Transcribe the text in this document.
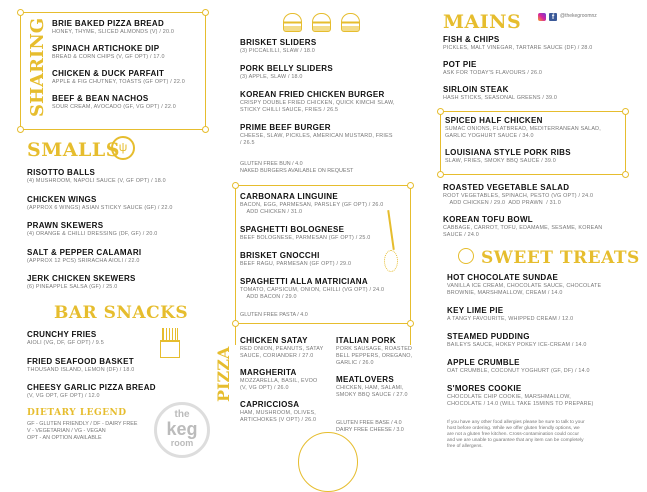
the
keg
room
SHARING BRIE BAKED PIZZA BREAD
HONEY, THYME, SLICED ALMONDS (V) / 20.0
SPINACH ARTICHOKE DIP
BREAD & CORN CHIPS (V, GF OPT) / 17.0
CHICKEN & DUCK PARFAIT
APPLE & FIG CHUTNEY, TOASTS (GF OPT) / 22.0
BEEF & BEAN NACHOS
SOUR CREAM, AVOCADO (GF, VG OPT) / 22.0
SMALLS
ψ
RISOTTO BALLS
(4) MUSHROOM, NAPOLI SAUCE (V, GF OPT) / 18.0
CHICKEN WINGS
(APPROX 6 WINGS) ASIAN STICKY SAUCE (GF) / 22.0
PRAWN SKEWERS
(4) ORANGE & CHILLI DRESSING (DF, GF) / 20.0
SALT & PEPPER CALAMARI
(APPROX 12 PCS) SRIRACHA AIOLI / 22.0
JERK CHICKEN SKEWERS
(6) PINEAPPLE SALSA (GF) / 25.0
BAR SNACKS
CRUNCHY FRIES
AIOLI (VG, DF, GF OPT) / 9.5
FRIED SEAFOOD BASKET
THOUSAND ISLAND, LEMON (DF) / 18.0
CHEESY GARLIC PIZZA BREAD
(V, VG OPT, GF OPT) / 12.0
DIETARY LEGEND
GF - GLUTEN FRIENDLY / DF - DAIRY FREE
V - VEGETARIAN / VG - VEGAN
OPT - AN OPTION AVAILABLE
BRISKET SLIDERS
(3) PICCALILLI, SLAW / 18.0
PORK BELLY SLIDERS
(3) APPLE, SLAW / 18.0
KOREAN FRIED CHICKEN BURGER
CRISPY DOUBLE FRIED CHICKEN, QUICK KIMCHI SLAW,
STICKY CHILLI SAUCE, FRIES / 26.5
PRIME BEEF BURGER
CHEESE, SLAW, PICKLES, AMERICAN MUSTARD, FRIES
/ 26.5
GLUTEN FREE BUN / 4.0
NAKED BURGERS AVAILABLE ON REQUEST
CARBONARA LINGUINE
BACON, EGG, PARMESAN, PARSLEY (GF OPT) / 26.0
ADD CHICKEN / 31.0
SPAGHETTI BOLOGNESE
BEEF BOLOGNESE, PARMESAN (GF OPT) / 25.0
BRISKET GNOCCHI
BEEF RAGU, PARMESAN (GF OPT) / 29.0
SPAGHETTI ALLA MATRICIANA
TOMATO, CAPSICUM, ONION, CHILLI (VG OPT) / 24.0
ADD BACON / 29.0
GLUTEN FREE PASTA / 4.0
PIZZA
CHICKEN SATAY
RED ONION, PEANUTS, SATAY
SAUCE, CORIANDER / 27.0
MARGHERITA
MOZZARELLA, BASIL, EVOO
(V, VG OPT) / 26.0
CAPRICCIOSA
HAM, MUSHROOM, OLIVES,
ARTICHOKES (V OPT) / 26.0
ITALIAN PORK
PORK SAUSAGE, ROASTED
BELL PEPPERS, OREGANO,
GARLIC / 26.0
MEATLOVERS
CHICKEN, HAM, SALAMI,
SMOKY BBQ SAUCE / 27.0
GLUTEN FREE BASE / 4.0
DAIRY FREE CHEESE / 3.0
MAINS	f	@thekegroomnz
FISH & CHIPS
PICKLES, MALT VINEGAR, TARTARE SAUCE (DF) / 28.0
POT PIE
ASK FOR TODAY'S FLAVOURS / 26.0
SIRLOIN STEAK
HASH STICKS, SEASONAL GREENS / 39.0
SPICED HALF CHICKEN
SUMAC ONIONS, FLATBREAD, MEDITERRANEAN SALAD,
GARLIC YOGHURT SAUCE / 34.0
LOUISIANA STYLE PORK RIBS
SLAW, FRIES, SMOKY BBQ SAUCE / 39.0
ROASTED VEGETABLE SALAD
ROOT VEGETABLES, SPINACH, PESTO (VG OPT) / 24.0
ADD CHICKEN / 29.0  ADD PRAWN  / 31.0
KOREAN TOFU BOWL
CABBAGE, CARROT, TOFU, EDAMAME, SESAME, KOREAN
SAUCE / 24.0
SWEET TREATS
HOT CHOCOLATE SUNDAE
VANILLA ICE CREAM, CHOCOLATE SAUCE, CHOCOLATE
BROWNIE, MARSHMALLOW, CREAM / 14.0
KEY LIME PIE
A TANGY FAVOURITE, WHIPPED CREAM / 12.0
STEAMED PUDDING
BAILEYS SAUCE, HOKEY POKEY ICE-CREAM / 14.0
APPLE CRUMBLE
OAT CRUMBLE, COCONUT YOGHURT (GF, DF) / 14.0
S'MORES COOKIE
CHOCOLATE CHIP COOKIE, MARSHMALLOW,
CHOCOLATE / 14.0 (WILL TAKE 15MINS TO PREPARE)
If you have any other food allergies please be sure to talk to your
host before ordering. While we offer gluten friendly options, we
are not a gluten free kitchen. Cross-contamination could occur
and we are unable to guarantee that any item can be completely
free of allergens.
